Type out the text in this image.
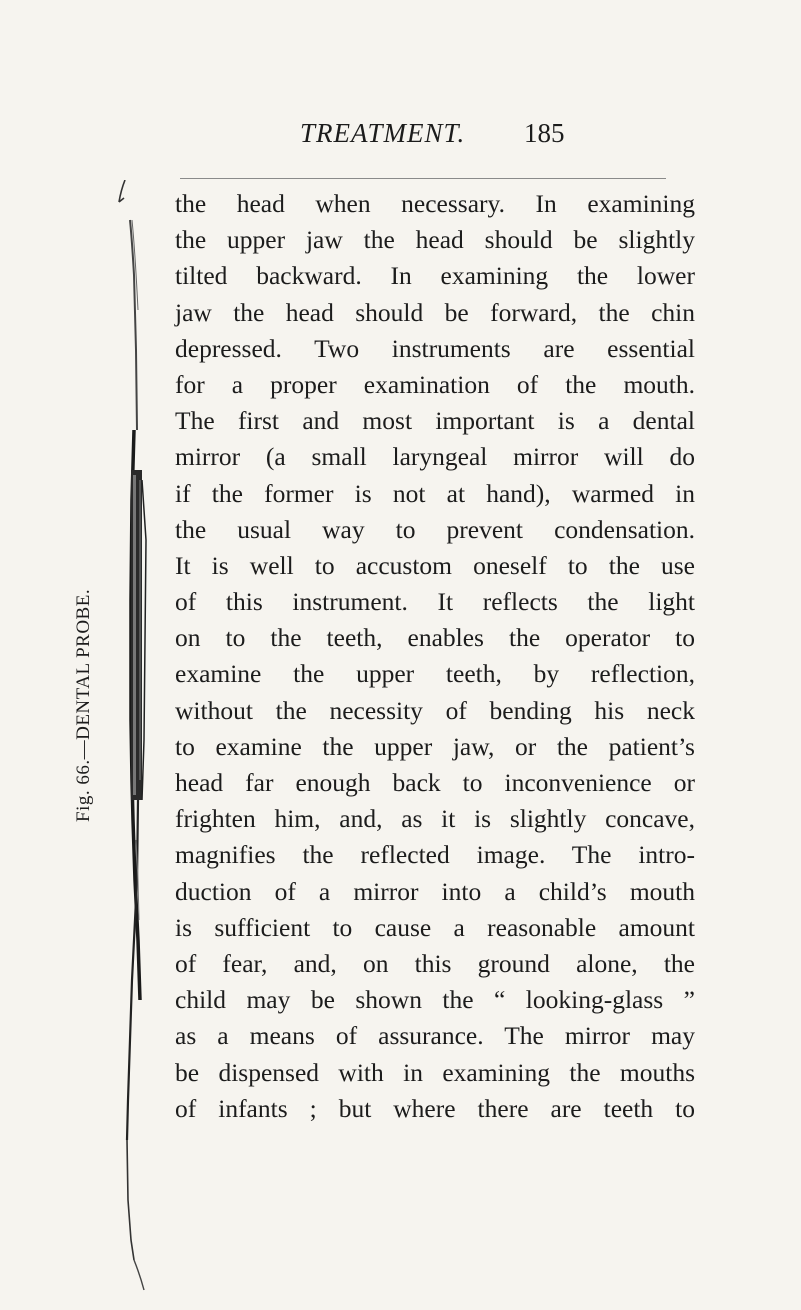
TREATMENT. 185
Fig. 66.—DENTAL PROBE.
the head when necessary. In examining
the upper jaw the head should be slightly
tilted backward. In examining the lower
jaw the head should be forward, the chin
depressed. Two instruments are essential
for a proper examination of the mouth.
The first and most important is a dental
mirror (a small laryngeal mirror will do
if the former is not at hand), warmed in
the usual way to prevent condensation.
It is well to accustom oneself to the use
of this instrument. It reflects the light
on to the teeth, enables the operator to
examine the upper teeth, by reflection,
without the necessity of bending his neck
to examine the upper jaw, or the patient’s
head far enough back to inconvenience or
frighten him, and, as it is slightly concave,
magnifies the reflected image. The intro-
duction of a mirror into a child’s mouth
is sufficient to cause a reasonable amount
of fear, and, on this ground alone, the
child may be shown the “ looking-glass ”
as a means of assurance. The mirror may
be dispensed with in examining the mouths
of infants ; but where there are teeth to
